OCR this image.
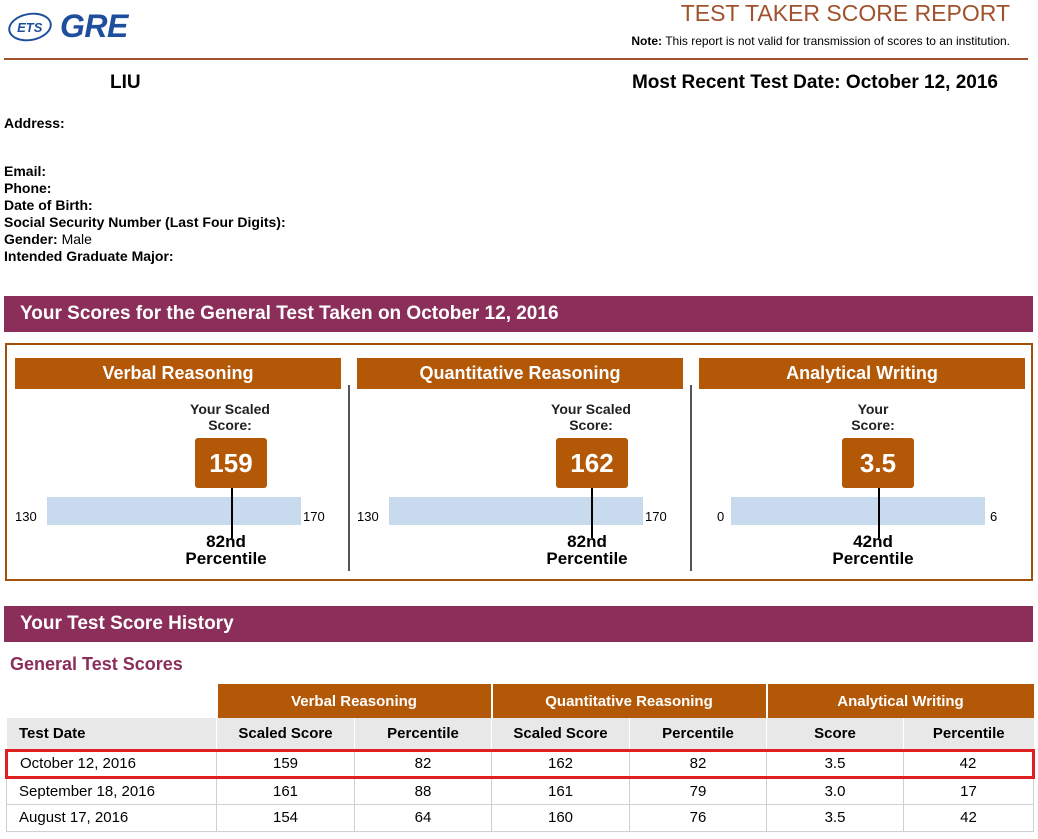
ETS GRE	TEST TAKER SCORE REPORT
Note: This report is not valid for transmission of scores to an institution.
LIU	Most Recent Test Date: October 12, 2016
Address:
Email:
Phone:
Date of Birth:
Social Security Number (Last Four Digits):
Gender: Male
Intended Graduate Major:
Your Scores for the General Test Taken on October 12, 2016
Verbal Reasoning
Your Scaled
Score:
159
130	170
82nd
Percentile
Quantitative Reasoning
Your Scaled
Score:
162
130	170
82nd
Percentile
Analytical Writing
Your
Score:
3.5
0	6
42nd
Percentile
Your Test Score History
General Test Scores
	Verbal Reasoning		Quantitative Reasoning		Analytical Writing	
Test Date	Scaled Score	Percentile	Scaled Score	Percentile	Score	Percentile
October 12, 2016	159	82	162	82	3.5	42
September 18, 2016	161	88	161	79	3.0	17
August 17, 2016	154	64	160	76	3.5	42
